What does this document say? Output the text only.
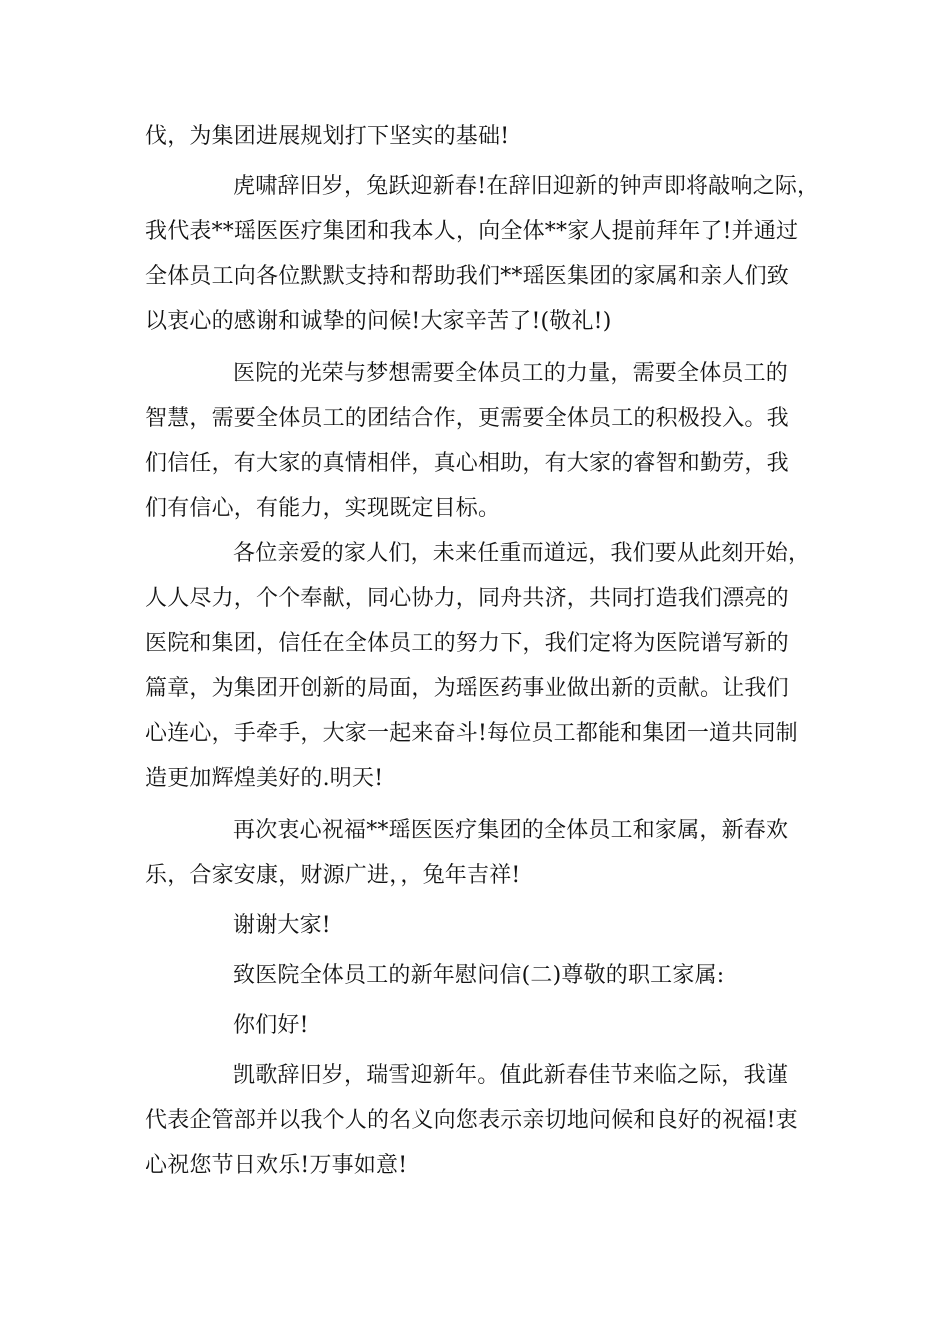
伐，为集团进展规划打下坚实的基础!
虎啸辞旧岁，兔跃迎新春!在辞旧迎新的钟声即将敲响之际，
我代表**瑶医医疗集团和我本人，向全体**家人提前拜年了!并通过
全体员工向各位默默支持和帮助我们**瑶医集团的家属和亲人们致
以衷心的感谢和诚挚的问候!大家辛苦了!(敬礼!)
医院的光荣与梦想需要全体员工的力量，需要全体员工的
智慧，需要全体员工的团结合作，更需要全体员工的积极投入。我
们信任，有大家的真情相伴，真心相助，有大家的睿智和勤劳，我
们有信心，有能力，实现既定目标。
各位亲爱的家人们，未来任重而道远，我们要从此刻开始，
人人尽力，个个奉献，同心协力，同舟共济，共同打造我们漂亮的
医院和集团，信任在全体员工的努力下，我们定将为医院谱写新的
篇章，为集团开创新的局面，为瑶医药事业做出新的贡献。让我们
心连心，手牵手，大家一起来奋斗!每位员工都能和集团一道共同制
造更加辉煌美好的.明天!
再次衷心祝福**瑶医医疗集团的全体员工和家属，新春欢
乐，合家安康，财源广进，，兔年吉祥!
谢谢大家!
致医院全体员工的新年慰问信(二)尊敬的职工家属:
你们好!
凯歌辞旧岁，瑞雪迎新年。值此新春佳节来临之际，我谨
代表企管部并以我个人的名义向您表示亲切地问候和良好的祝福!衷
心祝您节日欢乐!万事如意!
